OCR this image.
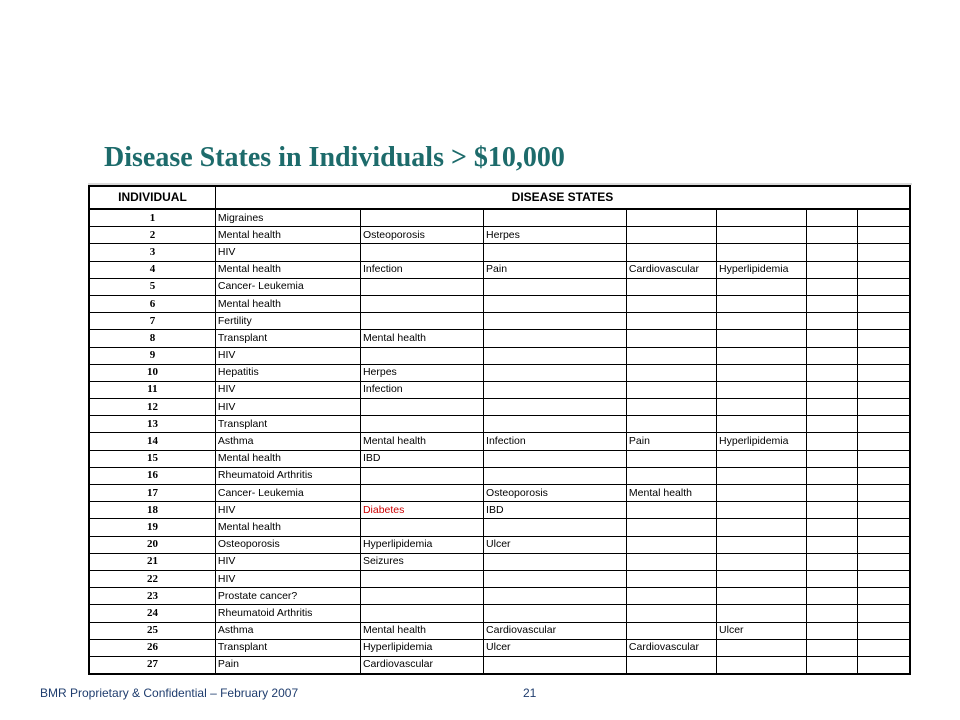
Disease States in Individuals > $10,000
INDIVIDUAL	DISEASE STATES						
1	Migraines						
2	Mental health	Osteoporosis	Herpes				
3	HIV						
4	Mental health	Infection	Pain	Cardiovascular	Hyperlipidemia		
5	Cancer- Leukemia						
6	Mental health						
7	Fertility						
8	Transplant	Mental health					
9	HIV						
10	Hepatitis	Herpes					
11	HIV	Infection					
12	HIV						
13	Transplant						
14	Asthma	Mental health	Infection	Pain	Hyperlipidemia		
15	Mental health	IBD					
16	Rheumatoid Arthritis						
17	Cancer- Leukemia		Osteoporosis	Mental health			
18	HIV	Diabetes	IBD				
19	Mental health						
20	Osteoporosis	Hyperlipidemia	Ulcer				
21	HIV	Seizures					
22	HIV						
23	Prostate cancer?						
24	Rheumatoid Arthritis						
25	Asthma	Mental health	Cardiovascular		Ulcer		
26	Transplant	Hyperlipidemia	Ulcer	Cardiovascular			
27	Pain	Cardiovascular					
BMR Proprietary & Confidential – February 2007	21
